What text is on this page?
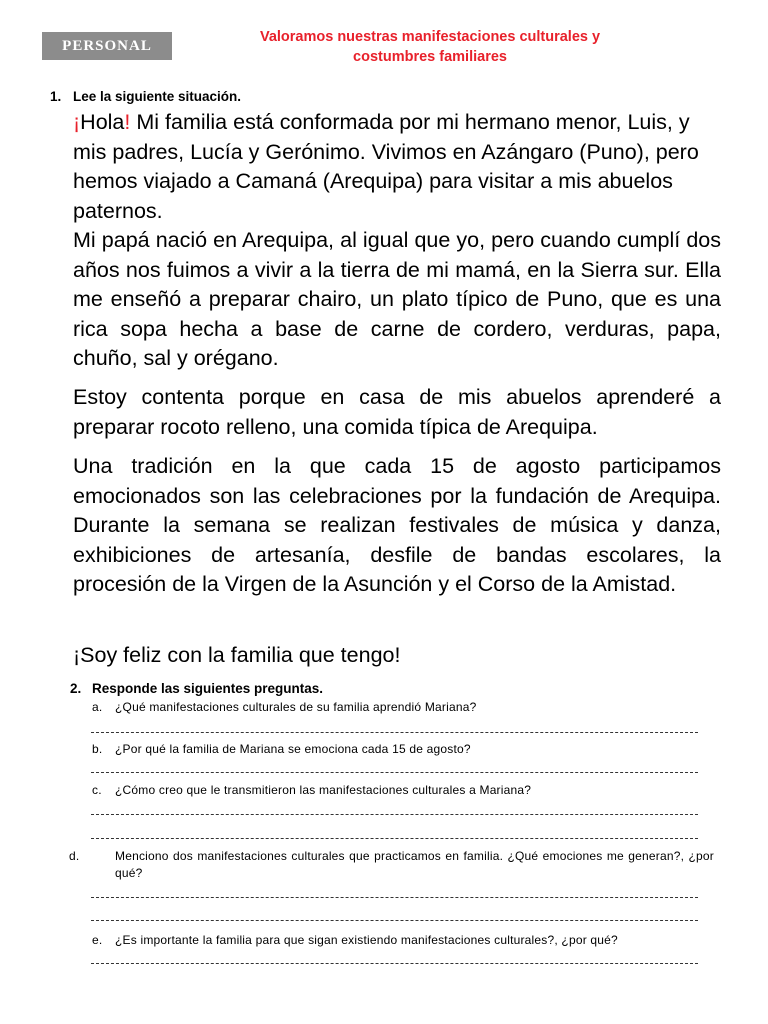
PERSONAL
Valoramos nuestras manifestaciones culturales y
costumbres familiares
1. Lee la siguiente situación.

¡Hola! Mi familia está conformada por mi hermano menor, Luis, y mis padres, Lucía y Gerónimo. Vivimos en Azángaro (Puno), pero hemos viajado a Camaná (Arequipa) para visitar a mis abuelos paternos.

Mi papá nació en Arequipa, al igual que yo, pero cuando cumplí dos años nos fuimos a vivir a la tierra de mi mamá, en la Sierra sur. Ella me enseñó a preparar chairo, un plato típico de Puno, que es una rica sopa hecha a base de carne de cordero, verduras, papa, chuño, sal y orégano.

Estoy contenta porque en casa de mis abuelos aprenderé a preparar rocoto relleno, una comida típica de Arequipa.

Una tradición en la que cada 15 de agosto participamos emocionados son las celebraciones por la fundación de Arequipa. Durante la semana se realizan festivales de música y danza, exhibiciones de artesanía, desfile de bandas escolares, la procesión de la Virgen de la Asunción y el Corso de la Amistad.

¡Soy feliz con la familia que tengo!

2. Responde las siguientes preguntas.
a. ¿Qué manifestaciones culturales de su familia aprendió Mariana?
b. ¿Por qué la familia de Mariana se emociona cada 15 de agosto?
c. ¿Cómo creo que le transmitieron las manifestaciones culturales a Mariana?
d.	Menciono dos manifestaciones culturales que practicamos en familia. ¿Qué emociones me generan?, ¿por qué?
e. ¿Es importante la familia para que sigan existiendo manifestaciones culturales?, ¿por qué?
